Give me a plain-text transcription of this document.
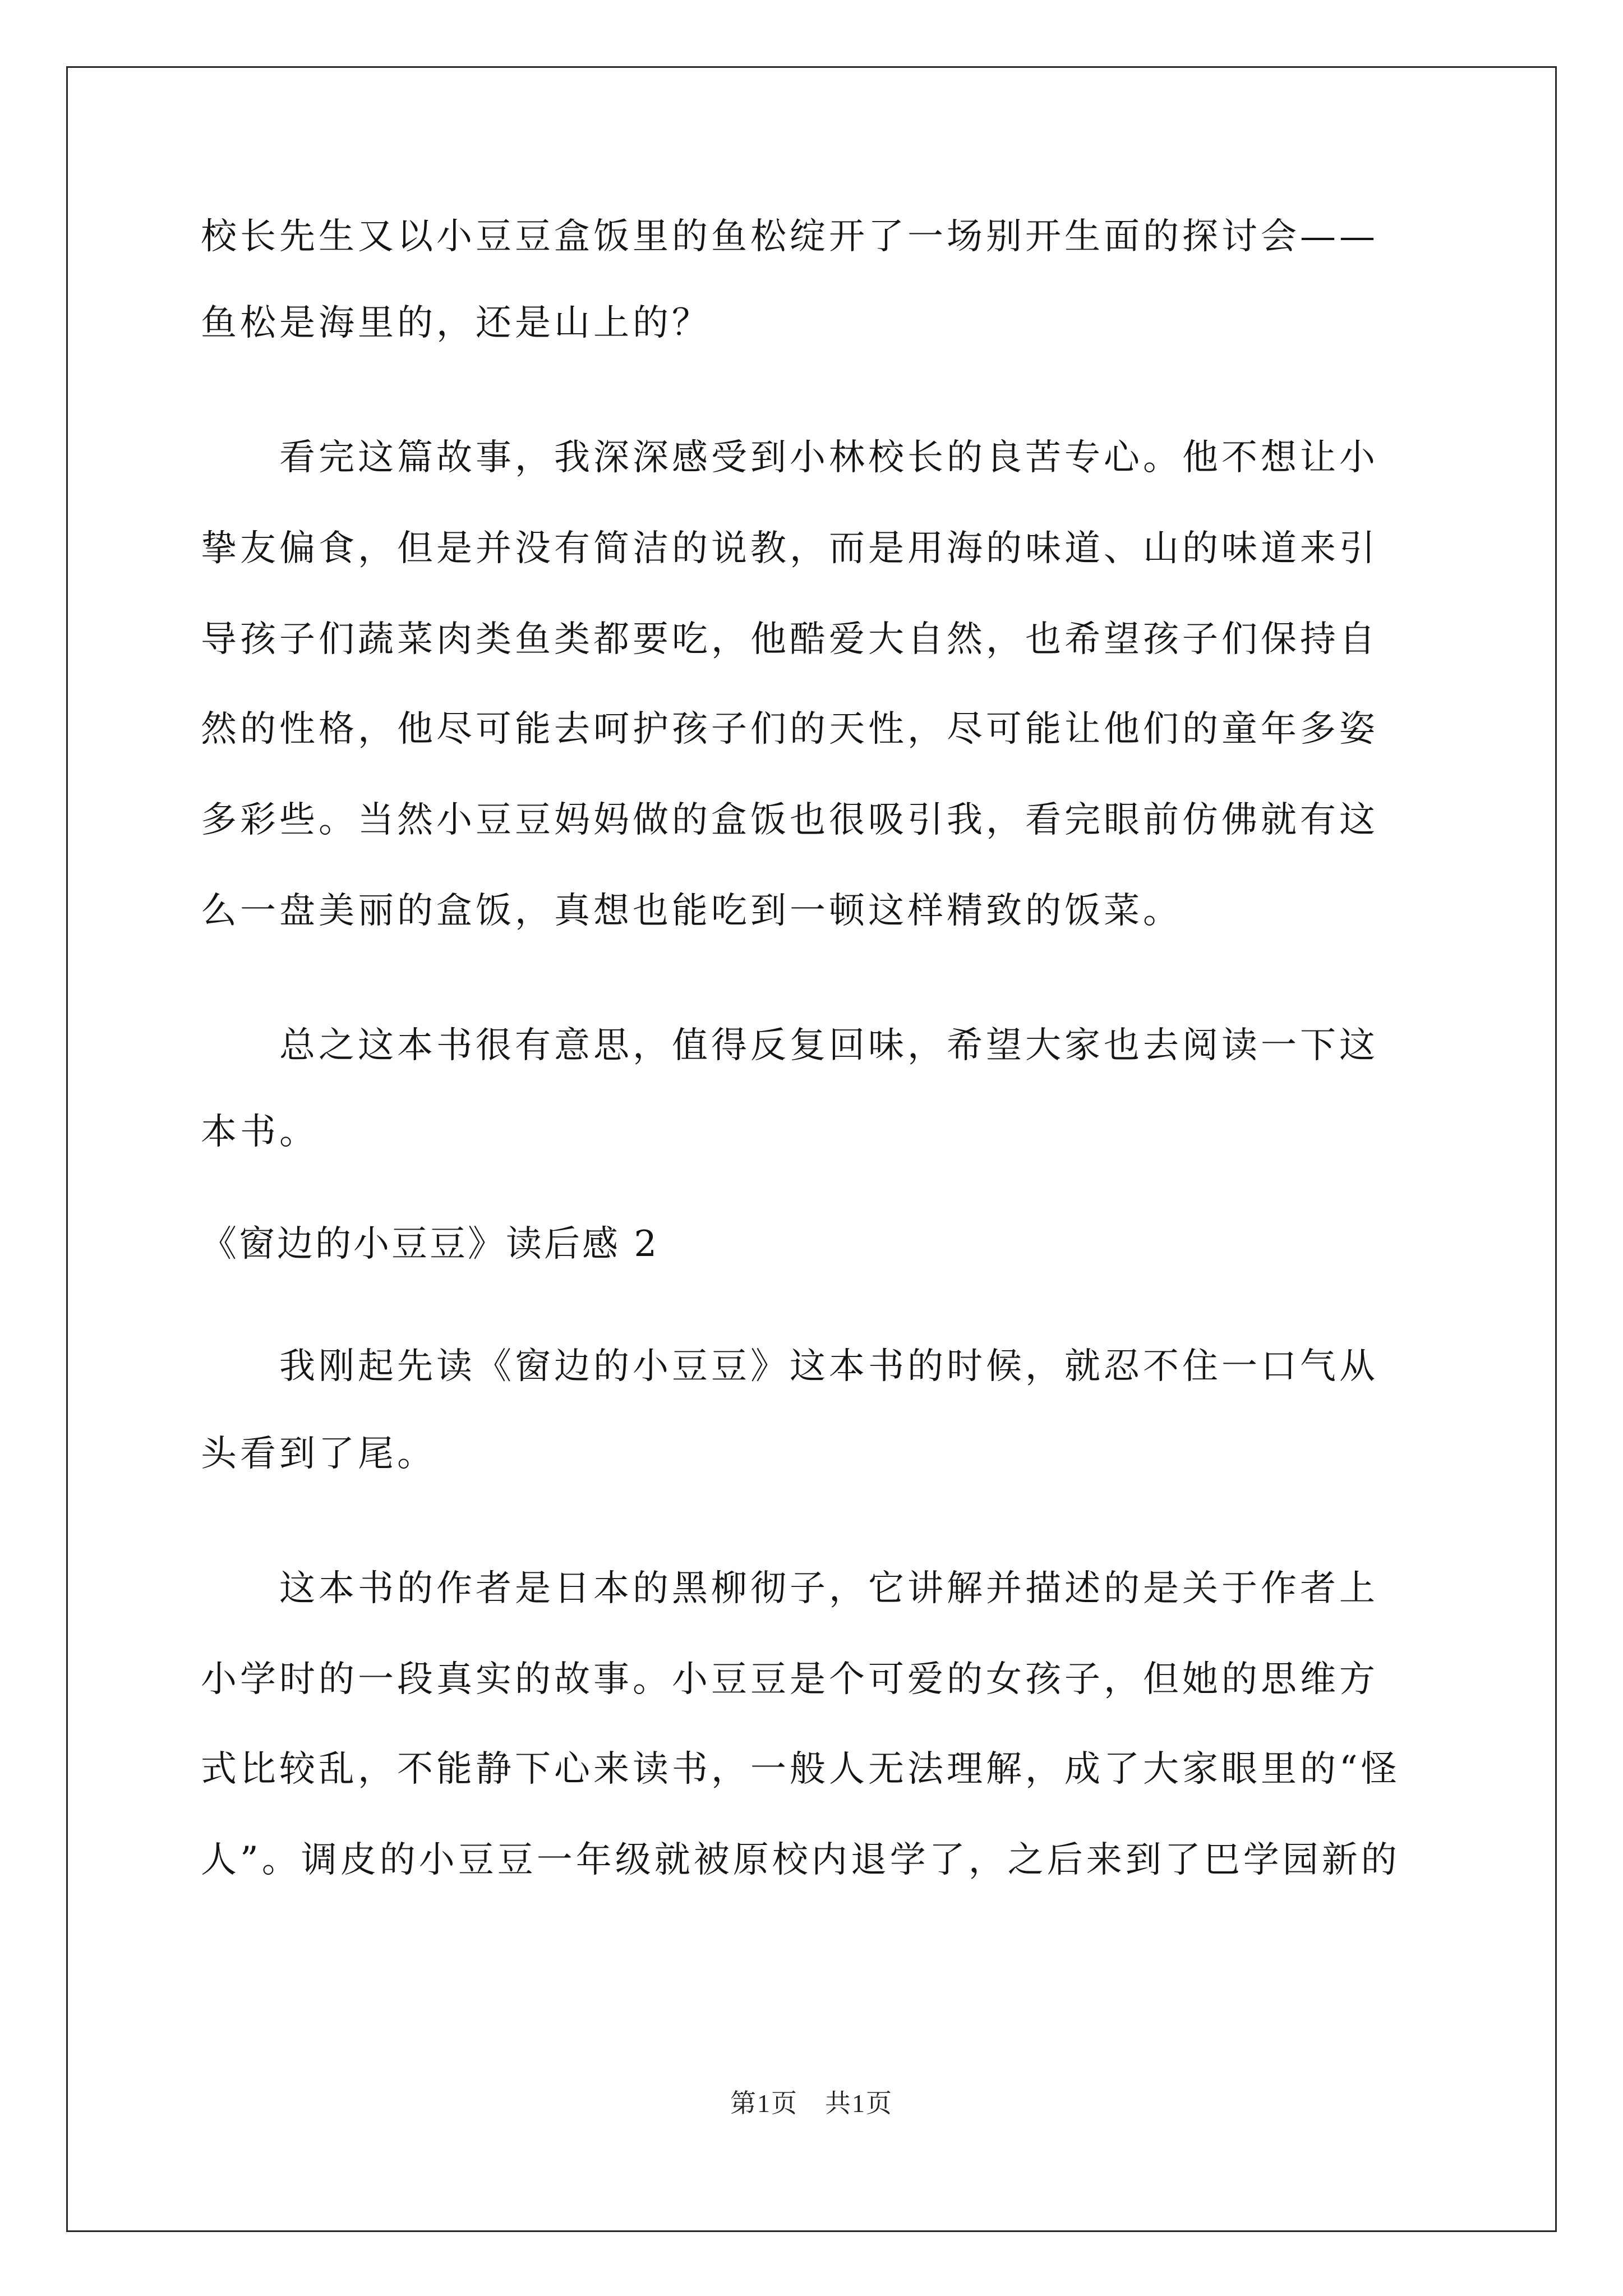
校长先生又以小豆豆盒饭里的鱼松绽开了一场别开生面的探讨会——
鱼松是海里的，还是山上的？
看完这篇故事，我深深感受到小林校长的良苦专心。他不想让小
挚友偏食，但是并没有简洁的说教，而是用海的味道、山的味道来引
导孩子们蔬菜肉类鱼类都要吃，他酷爱大自然，也希望孩子们保持自
然的性格，他尽可能去呵护孩子们的天性，尽可能让他们的童年多姿
多彩些。当然小豆豆妈妈做的盒饭也很吸引我，看完眼前仿佛就有这
么一盘美丽的盒饭，真想也能吃到一顿这样精致的饭菜。
总之这本书很有意思，值得反复回味，希望大家也去阅读一下这
本书。
《窗边的小豆豆》读后感 2
我刚起先读《窗边的小豆豆》这本书的时候，就忍不住一口气从
头看到了尾。
这本书的作者是日本的黑柳彻子，它讲解并描述的是关于作者上
小学时的一段真实的故事。小豆豆是个可爱的女孩子，但她的思维方
式比较乱，不能静下心来读书，一般人无法理解，成了大家眼里的“怪
人”。调皮的小豆豆一年级就被原校内退学了，之后来到了巴学园新的
第1页　共1页
